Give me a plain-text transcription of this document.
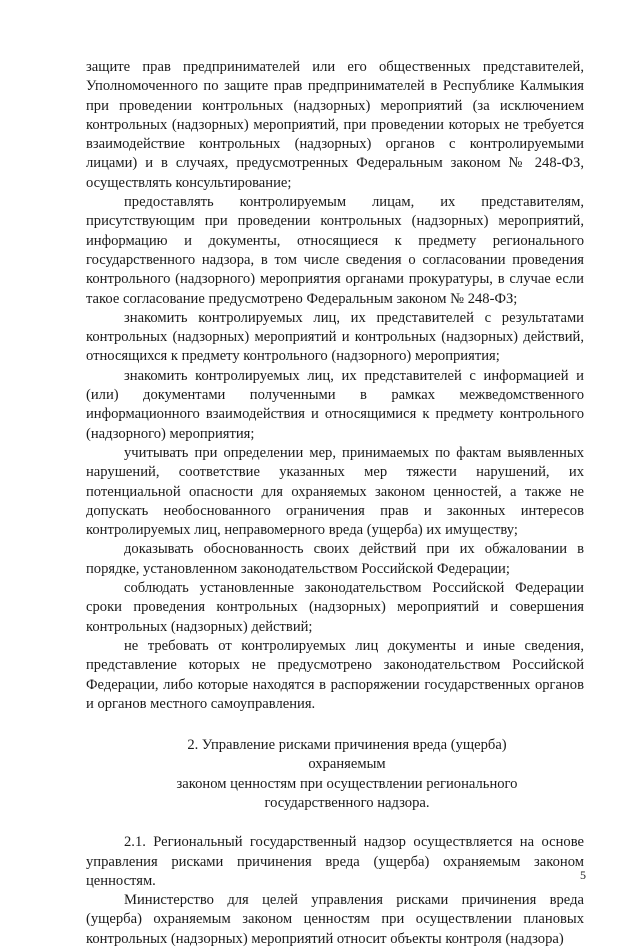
защите прав предпринимателей или его общественных представителей, Уполномоченного по защите прав предпринимателей в Республике Калмыкия при проведении контрольных (надзорных) мероприятий (за исключением контрольных (надзорных) мероприятий, при проведении которых не требуется взаимодействие контрольных (надзорных) органов с контролируемыми лицами) и в случаях, предусмотренных Федеральным законом № 248-ФЗ, осуществлять консультирование;

предоставлять контролируемым лицам, их представителям, присутствующим при проведении контрольных (надзорных) мероприятий, информацию и документы, относящиеся к предмету регионального государственного надзора, в том числе сведения о согласовании проведения контрольного (надзорного) мероприятия органами прокуратуры, в случае если такое согласование предусмотрено Федеральным законом № 248-ФЗ;

знакомить контролируемых лиц, их представителей с результатами контрольных (надзорных) мероприятий и контрольных (надзорных) действий, относящихся к предмету контрольного (надзорного) мероприятия;

знакомить контролируемых лиц, их представителей с информацией и (или) документами полученными в рамках межведомственного информационного взаимодействия и относящимися к предмету контрольного (надзорного) мероприятия;

учитывать при определении мер, принимаемых по фактам выявленных нарушений, соответствие указанных мер тяжести нарушений, их потенциальной опасности для охраняемых законом ценностей, а также не допускать необоснованного ограничения прав и законных интересов контролируемых лиц, неправомерного вреда (ущерба) их имуществу;

доказывать обоснованность своих действий при их обжаловании в порядке, установленном законодательством Российской Федерации;

соблюдать установленные законодательством Российской Федерации сроки проведения контрольных (надзорных) мероприятий и совершения контрольных (надзорных) действий;

не требовать от контролируемых лиц документы и иные сведения, представление которых не предусмотрено законодательством Российской Федерации, либо которые находятся в распоряжении государственных органов и органов местного самоуправления.

2. Управление рисками причинения вреда (ущерба) охраняемым
законом ценностям при осуществлении регионального
государственного надзора.

2.1. Региональный государственный надзор осуществляется на основе управления рисками причинения вреда (ущерба) охраняемым законом ценностям.

Министерство для целей управления рисками причинения вреда (ущерба) охраняемым законом ценностям при осуществлении плановых контрольных (надзорных) мероприятий относит объекты контроля (надзора)

5
